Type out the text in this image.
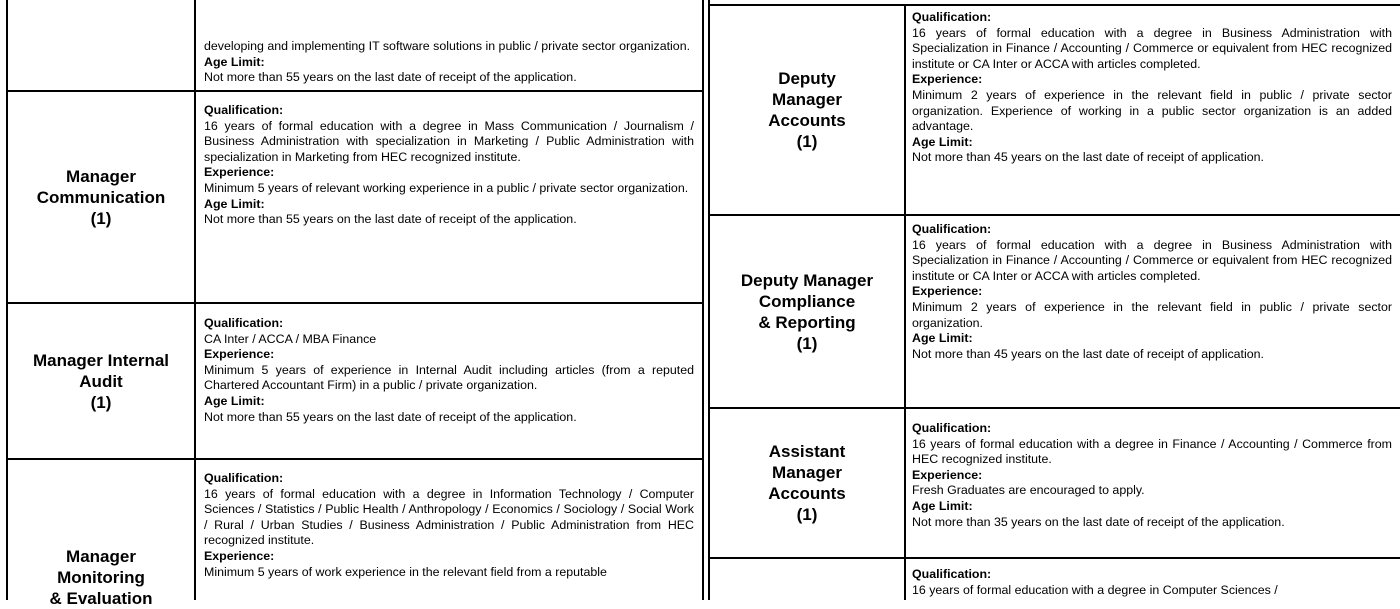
developing and implementing IT software solutions in public / private sector organization.
Age Limit:
Not more than 55 years on the last date of receipt of the application.
Manager
Communication
(1)
Qualification:
16 years of formal education with a degree in Mass Communication / Journalism / Business Administration with specialization in Marketing / Public Administration with specialization in Marketing from HEC recognized institute.
Experience:
Minimum 5 years of relevant working experience in a public / private sector organization.
Age Limit:
Not more than 55 years on the last date of receipt of the application.
Manager Internal
Audit
(1)
Qualification:
CA Inter / ACCA / MBA Finance
Experience:
Minimum 5 years of experience in Internal Audit including articles (from a reputed Chartered Accountant Firm) in a public / private organization.
Age Limit:
Not more than 55 years on the last date of receipt of the application.
Manager
Monitoring
& Evaluation
Qualification:
16 years of formal education with a degree in Information Technology / Computer Sciences / Statistics / Public Health / Anthropology / Economics / Sociology / Social Work / Rural / Urban Studies / Business Administration / Public Administration from HEC recognized institute.
Experience:
Minimum 5 years of work experience in the relevant field from a reputable
Deputy
Manager
Accounts
(1)
Qualification:
16 years of formal education with a degree in Business Administration with Specialization in Finance / Accounting / Commerce or equivalent from HEC recognized institute or CA Inter or ACCA with articles completed.
Experience:
Minimum 2 years of experience in the relevant field in public / private sector organization. Experience of working in a public sector organization is an added advantage.
Age Limit:
Not more than 45 years on the last date of receipt of application.
Deputy Manager
Compliance
& Reporting
(1)
Qualification:
16 years of formal education with a degree in Business Administration with Specialization in Finance / Accounting / Commerce or equivalent from HEC recognized institute or CA Inter or ACCA with articles completed.
Experience:
Minimum 2 years of experience in the relevant field in public / private sector organization.
Age Limit:
Not more than 45 years on the last date of receipt of application.
Assistant
Manager
Accounts
(1)
Qualification:
16 years of formal education with a degree in Finance / Accounting / Commerce from HEC recognized institute.
Experience:
Fresh Graduates are encouraged to apply.
Age Limit:
Not more than 35 years on the last date of receipt of the application.
Qualification:
16 years of formal education with a degree in Computer Sciences /
